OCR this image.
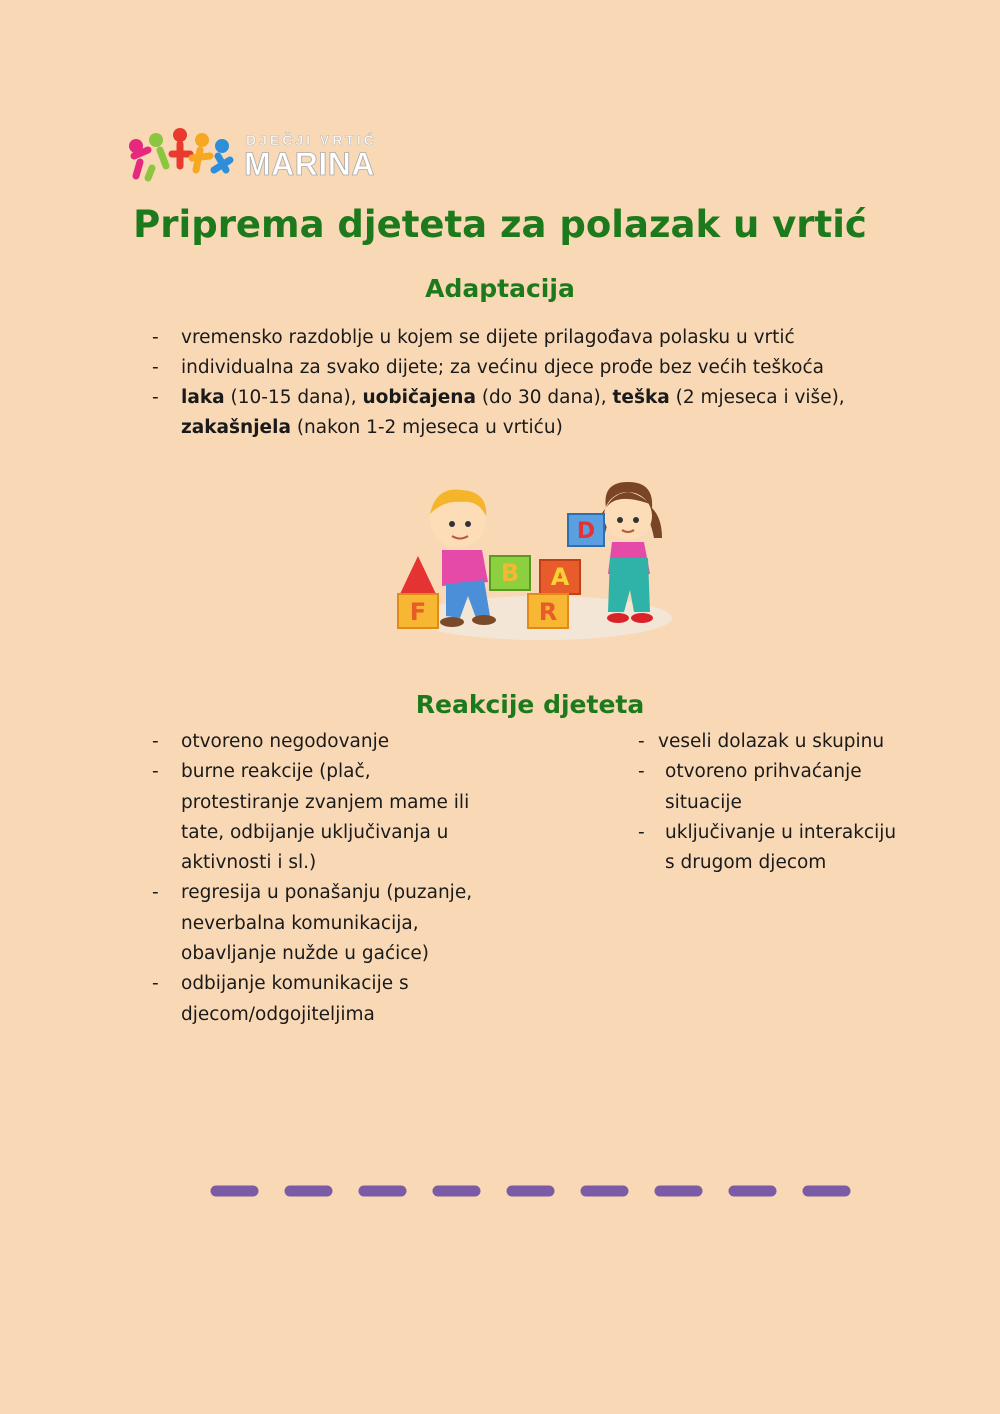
DJEČJI VRTIĆ
MARINA
Priprema djeteta za polazak u vrtić
Adaptacija
- vremensko razdoblje u kojem se dijete prilagođava polasku u vrtić
- individualna za svako dijete; za većinu djece prođe bez većih teškoća
- laka (10-15 dana), uobičajena (do 30 dana), teška (2 mjeseca i više), zakašnjela (nakon 1-2 mjeseca u vrtiću)
F
B A
R
D
Reakcije djeteta
- otvoreno negodovanje
- burne reakcije (plač, protestiranje zvanjem mame ili tate, odbijanje uključivanja u aktivnosti i sl.)
- regresija u ponašanju (puzanje, neverbalna komunikacija, obavljanje nužde u gaćice)
- odbijanje komunikacije s djecom/odgojiteljima
- veseli dolazak u skupinu
- otvoreno prihvaćanje situacije
- uključivanje u interakciju s drugom djecom
